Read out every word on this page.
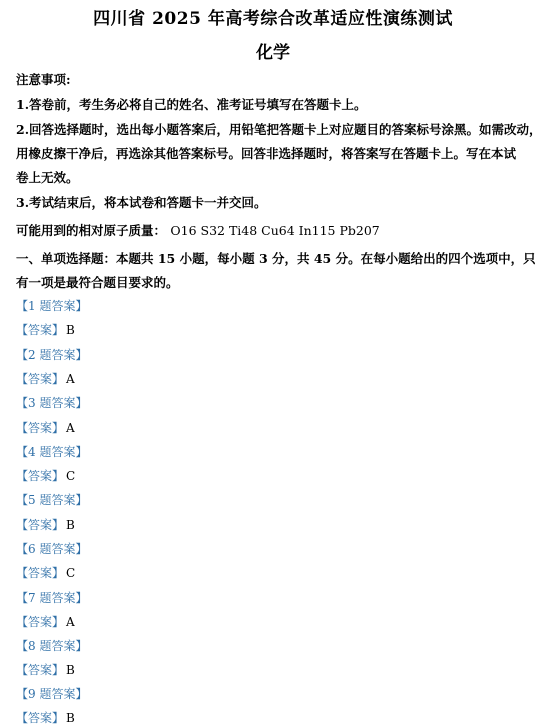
四川省 2025 年高考综合改革适应性演练测试
化学
注意事项:
1.答卷前，考生务必将自己的姓名、准考证号填写在答题卡上。
2.回答选择题时，选出每小题答案后，用铅笔把答题卡上对应题目的答案标号涂黑。如需改动，
用橡皮擦干净后，再选涂其他答案标号。回答非选择题时，将答案写在答题卡上。写在本试
卷上无效。
3.考试结束后，将本试卷和答题卡一并交回。
可能用到的相对原子质量： O16 S32 Ti48 Cu64 In115 Pb207
一、单项选择题：本题共 15 小题，每小题 3 分，共 45 分。在每小题给出的四个选项中，只
有一项是最符合题目要求的。
【1 题答案】
【答案】 B
【2 题答案】
【答案】 A
【3 题答案】
【答案】 A
【4 题答案】
【答案】 C
【5 题答案】
【答案】 B
【6 题答案】
【答案】 C
【7 题答案】
【答案】 A
【8 题答案】
【答案】 B
【9 题答案】
【答案】 B
